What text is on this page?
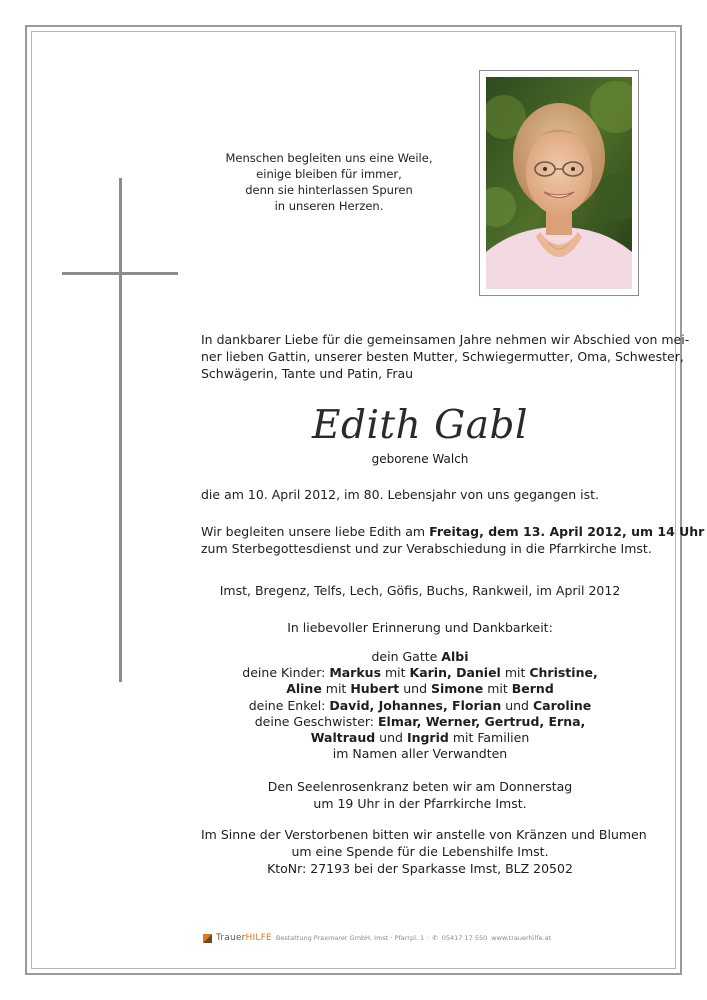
Menschen begleiten uns eine Weile,
einige bleiben für immer,
denn sie hinterlassen Spuren
in unseren Herzen.
In dankbarer Liebe für die gemeinsamen Jahre nehmen wir Abschied von mei-
ner lieben Gattin, unserer besten Mutter, Schwiegermutter, Oma, Schwester,
Schwägerin, Tante und Patin, Frau
Edith Gabl
geborene Walch
die am 10. April 2012, im 80. Lebensjahr von uns gegangen ist.
Wir begleiten unsere liebe Edith am Freitag, dem 13. April 2012, um 14 Uhr
zum Sterbegottesdienst und zur Verabschiedung in die Pfarrkirche Imst.
Imst, Bregenz, Telfs, Lech, Göfis, Buchs, Rankweil, im April 2012
In liebevoller Erinnerung und Dankbarkeit:
dein Gatte Albi
deine Kinder: Markus mit Karin, Daniel mit Christine,
Aline mit Hubert und Simone mit Bernd
deine Enkel: David, Johannes, Florian und Caroline
deine Geschwister: Elmar, Werner, Gertrud, Erna,
Waltraud und Ingrid mit Familien
im Namen aller Verwandten
Den Seelenrosenkranz beten wir am Donnerstag
um 19 Uhr in der Pfarrkirche Imst.
Im Sinne der Verstorbenen bitten wir anstelle von Kränzen und Blumen
um eine Spende für die Lebenshilfe Imst.
KtoNr: 27193 bei der Sparkasse Imst, BLZ 20502
TrauerHILFE Bestattung Praxmarer GmbH, Imst · Pfarrpl. 1 · ✆ 05417 17 550 www.trauerhilfe.at
